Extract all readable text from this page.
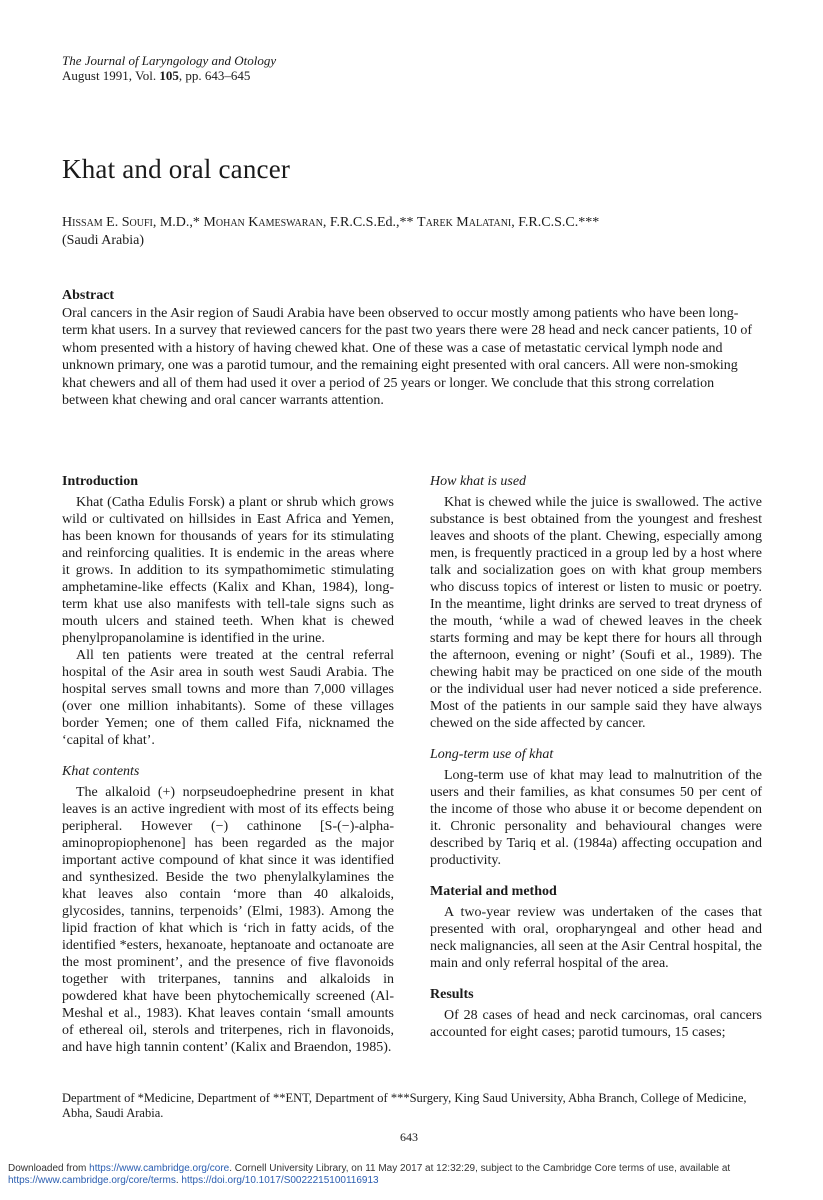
The Journal of Laryngology and Otology
August 1991, Vol. 105, pp. 643–645
Khat and oral cancer
Hissam E. Soufi, M.D.,* Mohan Kameswaran, F.R.C.S.Ed.,** Tarek Malatani, F.R.C.S.C.***
(Saudi Arabia)
Abstract
Oral cancers in the Asir region of Saudi Arabia have been observed to occur mostly among patients who have been long-term khat users. In a survey that reviewed cancers for the past two years there were 28 head and neck cancer patients, 10 of whom presented with a history of having chewed khat. One of these was a case of metastatic cervical lymph node and unknown primary, one was a parotid tumour, and the remaining eight presented with oral cancers. All were non-smoking khat chewers and all of them had used it over a period of 25 years or longer. We conclude that this strong correlation between khat chewing and oral cancer warrants attention.
Introduction

Khat (Catha Edulis Forsk) a plant or shrub which grows wild or cultivated on hillsides in East Africa and Yemen, has been known for thousands of years for its stimulating and reinforcing qualities. It is endemic in the areas where it grows. In addition to its sympathomimetic stimulating amphetamine-like effects (Kalix and Khan, 1984), long-term khat use also manifests with tell-tale signs such as mouth ulcers and stained teeth. When khat is chewed phenylpropanolamine is identified in the urine.

All ten patients were treated at the central referral hospital of the Asir area in south west Saudi Arabia. The hospital serves small towns and more than 7,000 villages (over one million inhabitants). Some of these villages border Yemen; one of them called Fifa, nicknamed the ‘capital of khat’.

Khat contents

The alkaloid (+) norpseudoephedrine present in khat leaves is an active ingredient with most of its effects being peripheral. However (−) cathinone [S-(−)-alpha-aminopropiophenone] has been regarded as the major important active compound of khat since it was identified and synthesized. Beside the two phenylalkylamines the khat leaves also contain ‘more than 40 alkaloids, glycosides, tannins, terpenoids’ (Elmi, 1983). Among the lipid fraction of khat which is ‘rich in fatty acids, of the identified *esters, hexanoate, heptanoate and octanoate are the most prominent’, and the presence of five flavonoids together with triterpanes, tannins and alkaloids in powdered khat have been phytochemically screened (Al-Meshal et al., 1983). Khat leaves contain ‘small amounts of ethereal oil, sterols and triterpenes, rich in flavonoids, and have high tannin content’ (Kalix and Braendon, 1985).

How khat is used

Khat is chewed while the juice is swallowed. The active substance is best obtained from the youngest and freshest leaves and shoots of the plant. Chewing, especially among men, is frequently practiced in a group led by a host where talk and socialization goes on with khat group members who discuss topics of interest or listen to music or poetry. In the meantime, light drinks are served to treat dryness of the mouth, ‘while a wad of chewed leaves in the cheek starts forming and may be kept there for hours all through the afternoon, evening or night’ (Soufi et al., 1989). The chewing habit may be practiced on one side of the mouth or the individual user had never noticed a side preference. Most of the patients in our sample said they have always chewed on the side affected by cancer.

Long-term use of khat

Long-term use of khat may lead to malnutrition of the users and their families, as khat consumes 50 per cent of the income of those who abuse it or become dependent on it. Chronic personality and behavioural changes were described by Tariq et al. (1984a) affecting occupation and productivity.

Material and method

A two-year review was undertaken of the cases that presented with oral, oropharyngeal and other head and neck malignancies, all seen at the Asir Central hospital, the main and only referral hospital of the area.

Results

Of 28 cases of head and neck carcinomas, oral cancers accounted for eight cases; parotid tumours, 15 cases;

Department of *Medicine, Department of **ENT, Department of ***Surgery, King Saud University, Abha Branch, College of Medicine, Abha, Saudi Arabia.
643
Downloaded from https://www.cambridge.org/core. Cornell University Library, on 11 May 2017 at 12:32:29, subject to the Cambridge Core terms of use, available at
https://www.cambridge.org/core/terms. https://doi.org/10.1017/S0022215100116913
